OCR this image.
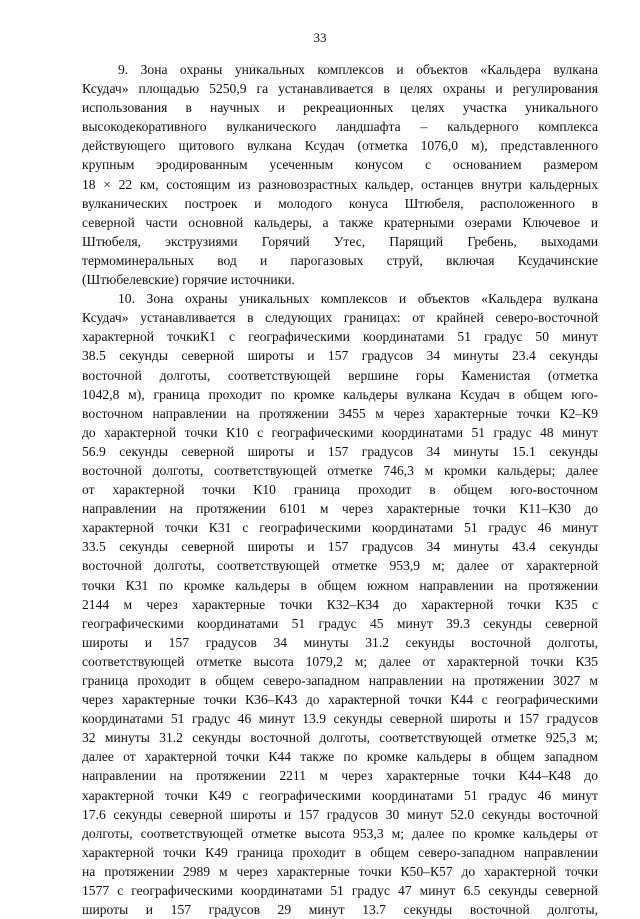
33

9. Зона охраны уникальных комплексов и объектов «Кальдера вулкана
Ксудач» площадью 5250,9 га устанавливается в целях охраны и регулирования
использования в научных и рекреационных целях участка уникального
высокодекоративного вулканического ландшафта – кальдерного комплекса
действующего щитового вулкана Ксудач (отметка 1076,0 м), представленного
крупным эродированным усеченным конусом с основанием размером
18 × 22 км, состоящим из разновозрастных кальдер, останцев внутри кальдерных
вулканических построек и молодого конуса Штюбеля, расположенного в
северной части основной кальдеры, а также кратерными озерами Ключевое и
Штюбеля, экструзиями Горячий Утес, Парящий Гребень, выходами
термоминеральных вод и парогазовых струй, включая Ксудачинские
(Штюбелевские) горячие источники.

10. Зона охраны уникальных комплексов и объектов «Кальдера вулкана
Ксудач» устанавливается в следующих границах: от крайней северо-восточной
характерной точкиК1 с географическими координатами 51 градус 50 минут
38.5 секунды северной широты и 157 градусов 34 минуты 23.4 секунды
восточной долготы, соответствующей вершине горы Каменистая (отметка
1042,8 м), граница проходит по кромке кальдеры вулкана Ксудач в общем юго-
восточном направлении на протяжении 3455 м через характерные точки К2–К9
до характерной точки К10 с географическими координатами 51 градус 48 минут
56.9 секунды северной широты и 157 градусов 34 минуты 15.1 секунды
восточной долготы, соответствующей отметке 746,3 м кромки кальдеры; далее
от характерной точки К10 граница проходит в общем юго-восточном
направлении на протяжении 6101 м через характерные точки К11–К30 до
характерной точки К31 с географическими координатами 51 градус 46 минут
33.5 секунды северной широты и 157 градусов 34 минуты 43.4 секунды
восточной долготы, соответствующей отметке 953,9 м; далее от характерной
точки К31 по кромке кальдеры в общем южном направлении на протяжении
2144 м через характерные точки К32–К34 до характерной точки К35 с
географическими координатами 51 градус 45 минут 39.3 секунды северной
широты и 157 градусов 34 минуты 31.2 секунды восточной долготы,
соответствующей отметке высота 1079,2 м; далее от характерной точки К35
граница проходит в общем северо-западном направлении на протяжении 3027 м
через характерные точки К36–К43 до характерной точки К44 с географическими
координатами 51 градус 46 минут 13.9 секунды северной широты и 157 градусов
32 минуты 31.2 секунды восточной долготы, соответствующей отметке 925,3 м;
далее от характерной точки К44 также по кромке кальдеры в общем западном
направлении на протяжении 2211 м через характерные точки К44–К48 до
характерной точки К49 с географическими координатами 51 градус 46 минут
17.6 секунды северной широты и 157 градусов 30 минут 52.0 секунды восточной
долготы, соответствующей отметке высота 953,3 м; далее по кромке кальдеры от
характерной точки К49 граница проходит в общем северо-западном направлении
на протяжении 2989 м через характерные точки К50–К57 до характерной точки
1577 с географическими координатами 51 градус 47 минут 6.5 секунды северной
широты и 157 градусов 29 минут 13.7 секунды восточной долготы,
